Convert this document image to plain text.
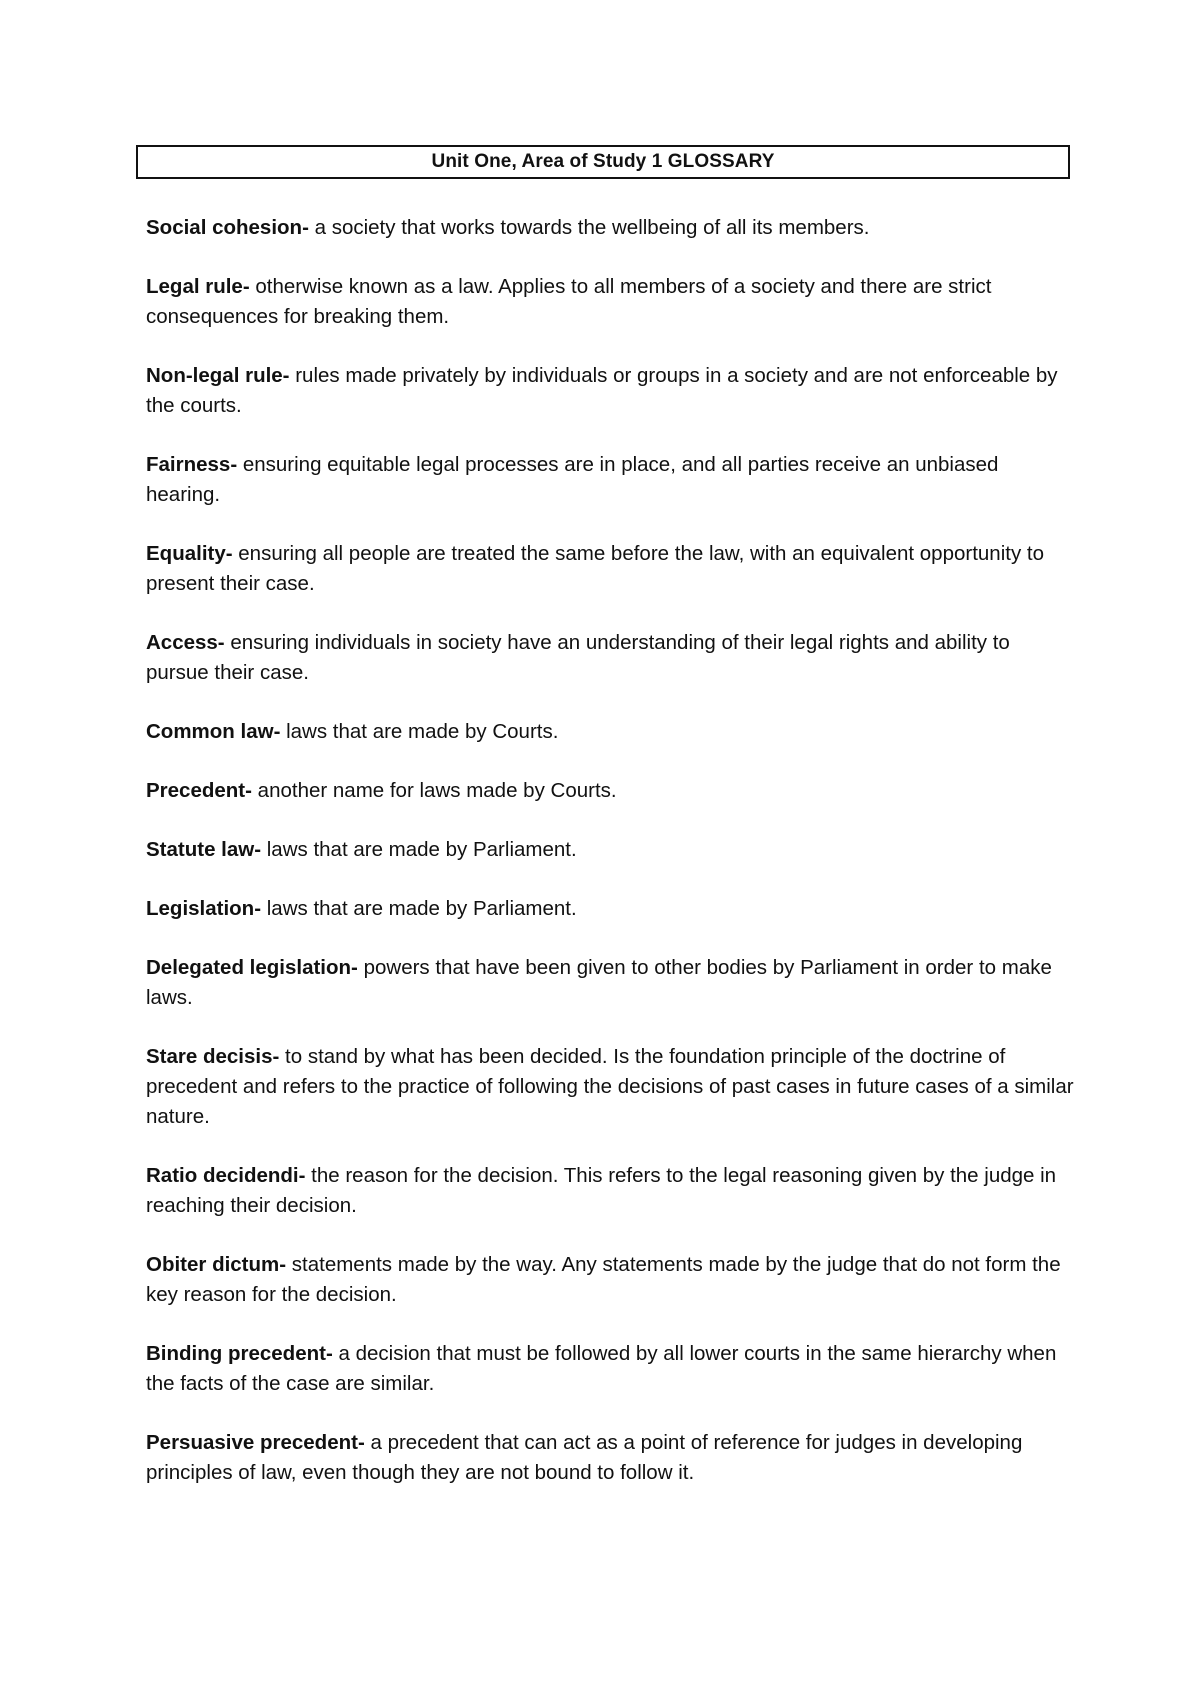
Unit One, Area of Study 1 GLOSSARY

Social cohesion- a society that works towards the wellbeing of all its members.

Legal rule- otherwise known as a law. Applies to all members of a society and there are strict consequences for breaking them.

Non-legal rule- rules made privately by individuals or groups in a society and are not enforceable by the courts.

Fairness- ensuring equitable legal processes are in place, and all parties receive an unbiased hearing.

Equality- ensuring all people are treated the same before the law, with an equivalent opportunity to present their case.

Access- ensuring individuals in society have an understanding of their legal rights and ability to pursue their case.

Common law- laws that are made by Courts.

Precedent- another name for laws made by Courts.

Statute law- laws that are made by Parliament.

Legislation- laws that are made by Parliament.

Delegated legislation- powers that have been given to other bodies by Parliament in order to make laws.

Stare decisis- to stand by what has been decided. Is the foundation principle of the doctrine of precedent and refers to the practice of following the decisions of past cases in future cases of a similar nature.

Ratio decidendi- the reason for the decision. This refers to the legal reasoning given by the judge in reaching their decision.

Obiter dictum- statements made by the way. Any statements made by the judge that do not form the key reason for the decision.

Binding precedent- a decision that must be followed by all lower courts in the same hierarchy when the facts of the case are similar.

Persuasive precedent- a precedent that can act as a point of reference for judges in developing principles of law, even though they are not bound to follow it.
